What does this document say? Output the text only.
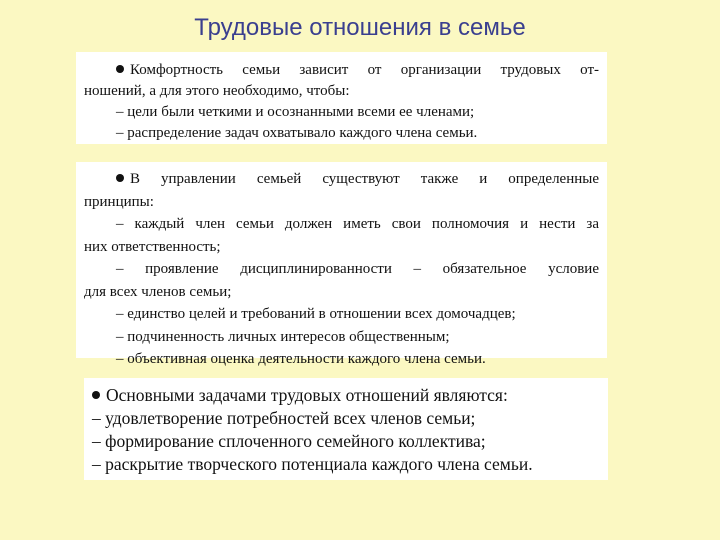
Трудовые отношения в семье
Комфортность семьи зависит от организации трудовых от-
ношений, а для этого необходимо, чтобы:
– цели были четкими и осознанными всеми ее членами;
– распределение задач охватывало каждого члена семьи.
В управлении семьей существуют также и определенные
принципы:
– каждый член семьи должен иметь свои полномочия и нести за
них ответственность;
– проявление дисциплинированности – обязательное условие
для всех членов семьи;
– единство целей и требований в отношении всех домочадцев;
– подчиненность личных интересов общественным;
– объективная оценка деятельности каждого члена семьи.
Основными задачами трудовых отношений являются:
– удовлетворение потребностей всех членов семьи;
– формирование сплоченного семейного коллектива;
– раскрытие творческого потенциала каждого члена семьи.
